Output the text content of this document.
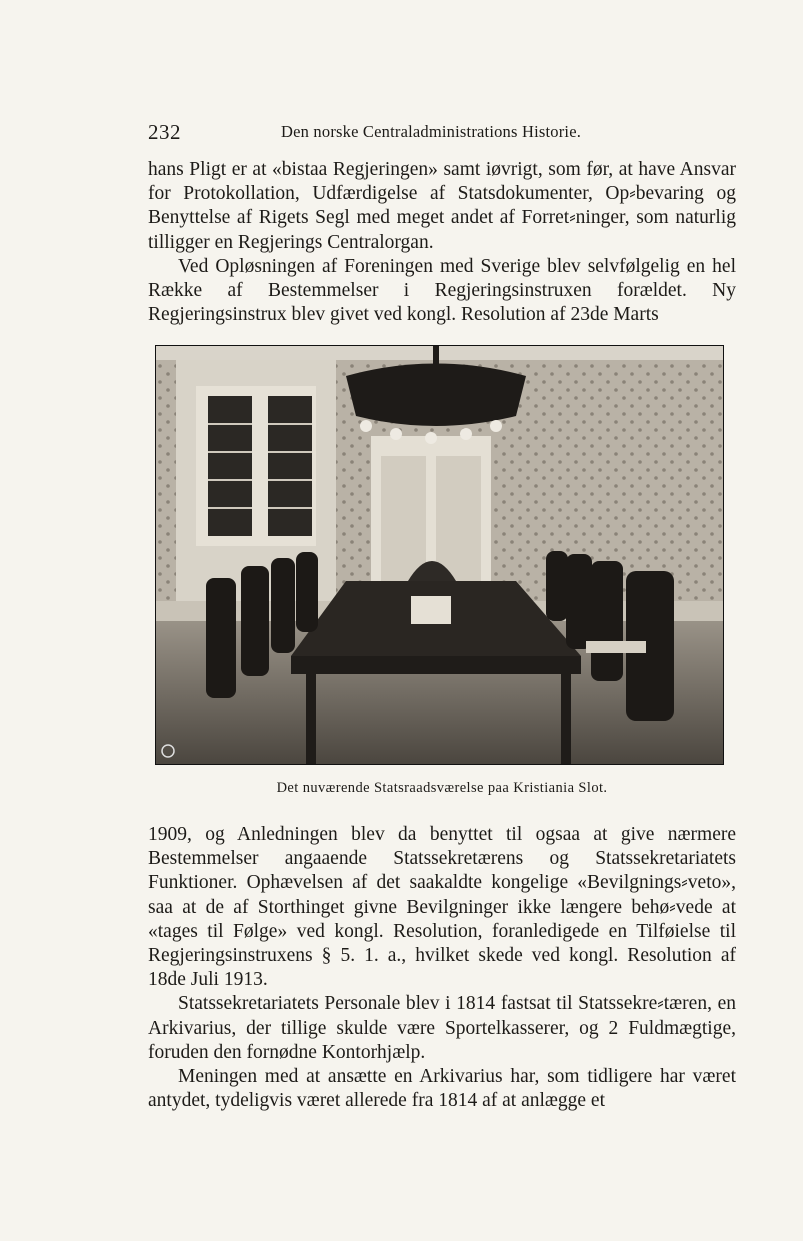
232	Den norske Centraladministrations Historie.

hans Pligt er at «bistaa Regjeringen» samt iøvrigt, som før, at have Ansvar for Protokollation, Udfærdigelse af Statsdokumenter, Op⸗bevaring og Benyttelse af Rigets Segl med meget andet af Forret⸗ninger, som naturlig tilligger en Regjerings Centralorgan.

Ved Opløsningen af Foreningen med Sverige blev selvfølgelig en hel Række af Bestemmelser i Regjeringsinstruxen forældet. Ny Regjeringsinstrux blev givet ved kongl. Resolution af 23de Marts

Det nuværende Statsraadsværelse paa Kristiania Slot.

1909, og Anledningen blev da benyttet til ogsaa at give nærmere Bestemmelser angaaende Statssekretærens og Statssekretariatets Funktioner. Ophævelsen af det saakaldte kongelige «Bevilgnings⸗veto», saa at de af Storthinget givne Bevilgninger ikke længere behø⸗vede at «tages til Følge» ved kongl. Resolution, foranledigede en Tilføielse til Regjeringsinstruxens § 5. 1. a., hvilket skede ved kongl. Resolution af 18de Juli 1913.

Statssekretariatets Personale blev i 1814 fastsat til Statssekre⸗tæren, en Arkivarius, der tillige skulde være Sportelkasserer, og 2 Fuldmægtige, foruden den fornødne Kontorhjælp.

Meningen med at ansætte en Arkivarius har, som tidligere har været antydet, tydeligvis været allerede fra 1814 af at anlægge et
